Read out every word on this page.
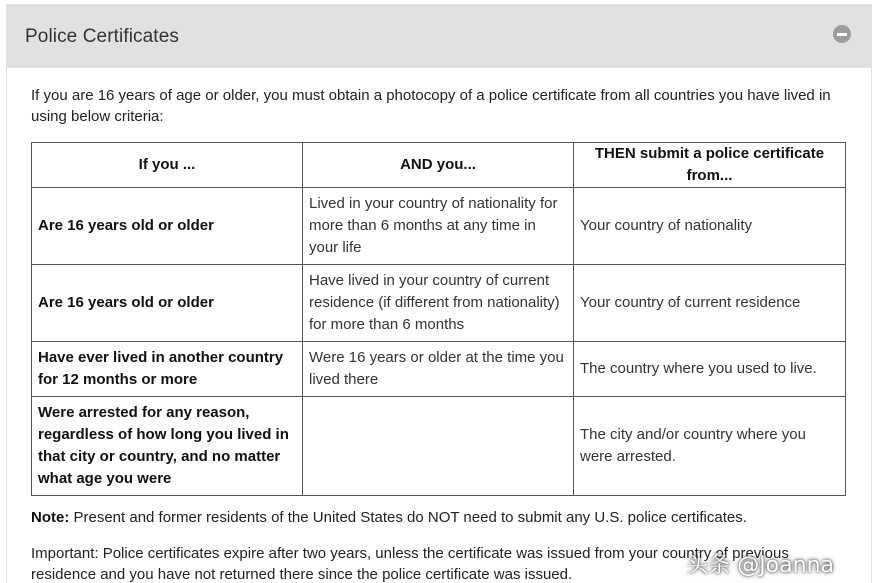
Police Certificates

If you are 16 years of age or older, you must obtain a photocopy of a police certificate from all countries you have lived in using below criteria:

If you ...	AND you...	THEN submit a police certificate from...
Are 16 years old or older	Lived in your country of nationality for more than 6 months at any time in your life	Your country of nationality
Are 16 years old or older	Have lived in your country of current residence (if different from nationality) for more than 6 months	Your country of current residence
Have ever lived in another country for 12 months or more	Were 16 years or older at the time you lived there	The country where you used to live.
Were arrested for any reason, regardless of how long you lived in that city or country, and no matter what age you were		The city and/or country where you were arrested.

Note: Present and former residents of the United States do NOT need to submit any U.S. police certificates.

Important: Police certificates expire after two years, unless the certificate was issued from your country of previous residence and you have not returned there since the police certificate was issued.	头条 @Joanna
